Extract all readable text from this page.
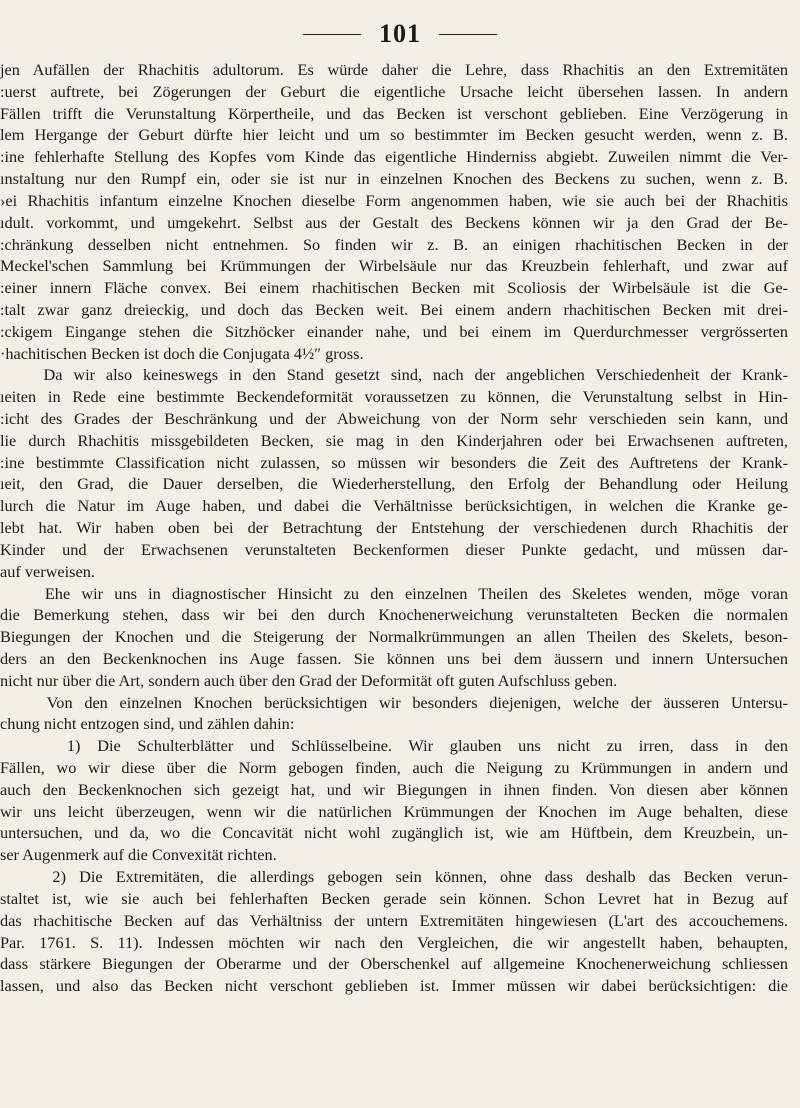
101
jen Aufällen der Rhachitis adultorum. Es würde daher die Lehre, dass Rhachitis an den Extremitäten
:uerst auftrete, bei Zögerungen der Geburt die eigentliche Ursache leicht übersehen lassen. In andern
Fällen trifft die Verunstaltung Körpertheile, und das Becken ist verschont geblieben. Eine Verzögerung in
lem Hergange der Geburt dürfte hier leicht und um so bestimmter im Becken gesucht werden, wenn z. B.
:ine fehlerhafte Stellung des Kopfes vom Kinde das eigentliche Hinderniss abgiebt. Zuweilen nimmt die Ver-
ınstaltung nur den Rumpf ein, oder sie ist nur in einzelnen Knochen des Beckens zu suchen, wenn z. B.
›ei Rhachitis infantum einzelne Knochen dieselbe Form angenommen haben, wie sie auch bei der Rhachitis
ıdult. vorkommt, und umgekehrt. Selbst aus der Gestalt des Beckens können wir ja den Grad der Be-
:chränkung desselben nicht entnehmen. So finden wir z. B. an einigen rhachitischen Becken in der
Meckel'schen Sammlung bei Krümmungen der Wirbelsäule nur das Kreuzbein fehlerhaft, und zwar auf
:einer innern Fläche convex. Bei einem rhachitischen Becken mit Scoliosis der Wirbelsäule ist die Ge-
:talt zwar ganz dreieckig, und doch das Becken weit. Bei einem andern rhachitischen Becken mit drei-
:ckigem Eingange stehen die Sitzhöcker einander nahe, und bei einem im Querdurchmesser vergrösserten
·hachitischen Becken ist doch die Conjugata 4½″ gross.
Da wir also keineswegs in den Stand gesetzt sind, nach der angeblichen Verschiedenheit der Krank-
ıeiten in Rede eine bestimmte Beckendeformität voraussetzen zu können, die Verunstaltung selbst in Hin-
:icht des Grades der Beschränkung und der Abweichung von der Norm sehr verschieden sein kann, und
lie durch Rhachitis missgebildeten Becken, sie mag in den Kinderjahren oder bei Erwachsenen auftreten,
:ine bestimmte Classification nicht zulassen, so müssen wir besonders die Zeit des Auftretens der Krank-
ıeit, den Grad, die Dauer derselben, die Wiederherstellung, den Erfolg der Behandlung oder Heilung
lurch die Natur im Auge haben, und dabei die Verhältnisse berücksichtigen, in welchen die Kranke ge-
lebt hat. Wir haben oben bei der Betrachtung der Entstehung der verschiedenen durch Rhachitis der
Kinder und der Erwachsenen verunstalteten Beckenformen dieser Punkte gedacht, und müssen dar-
auf verweisen.
Ehe wir uns in diagnostischer Hinsicht zu den einzelnen Theilen des Skeletes wenden, möge voran
die Bemerkung stehen, dass wir bei den durch Knochenerweichung verunstalteten Becken die normalen
Biegungen der Knochen und die Steigerung der Normalkrümmungen an allen Theilen des Skelets, beson-
ders an den Beckenknochen ins Auge fassen. Sie können uns bei dem äussern und innern Untersuchen
nicht nur über die Art, sondern auch über den Grad der Deformität oft guten Aufschluss geben.
Von den einzelnen Knochen berücksichtigen wir besonders diejenigen, welche der äusseren Untersu-
chung nicht entzogen sind, und zählen dahin:
1) Die Schulterblätter und Schlüsselbeine. Wir glauben uns nicht zu irren, dass in den
Fällen, wo wir diese über die Norm gebogen finden, auch die Neigung zu Krümmungen in andern und
auch den Beckenknochen sich gezeigt hat, und wir Biegungen in ihnen finden. Von diesen aber können
wir uns leicht überzeugen, wenn wir die natürlichen Krümmungen der Knochen im Auge behalten, diese
untersuchen, und da, wo die Concavität nicht wohl zugänglich ist, wie am Hüftbein, dem Kreuzbein, un-
ser Augenmerk auf die Convexität richten.
2) Die Extremitäten, die allerdings gebogen sein können, ohne dass deshalb das Becken verun-
staltet ist, wie sie auch bei fehlerhaften Becken gerade sein können. Schon Levret hat in Bezug auf
das rhachitische Becken auf das Verhältniss der untern Extremitäten hingewiesen (L'art des accouchemens.
Par. 1761. S. 11). Indessen möchten wir nach den Vergleichen, die wir angestellt haben, behaupten,
dass stärkere Biegungen der Oberarme und der Oberschenkel auf allgemeine Knochenerweichung schliessen
lassen, und also das Becken nicht verschont geblieben ist. Immer müssen wir dabei berücksichtigen: die
